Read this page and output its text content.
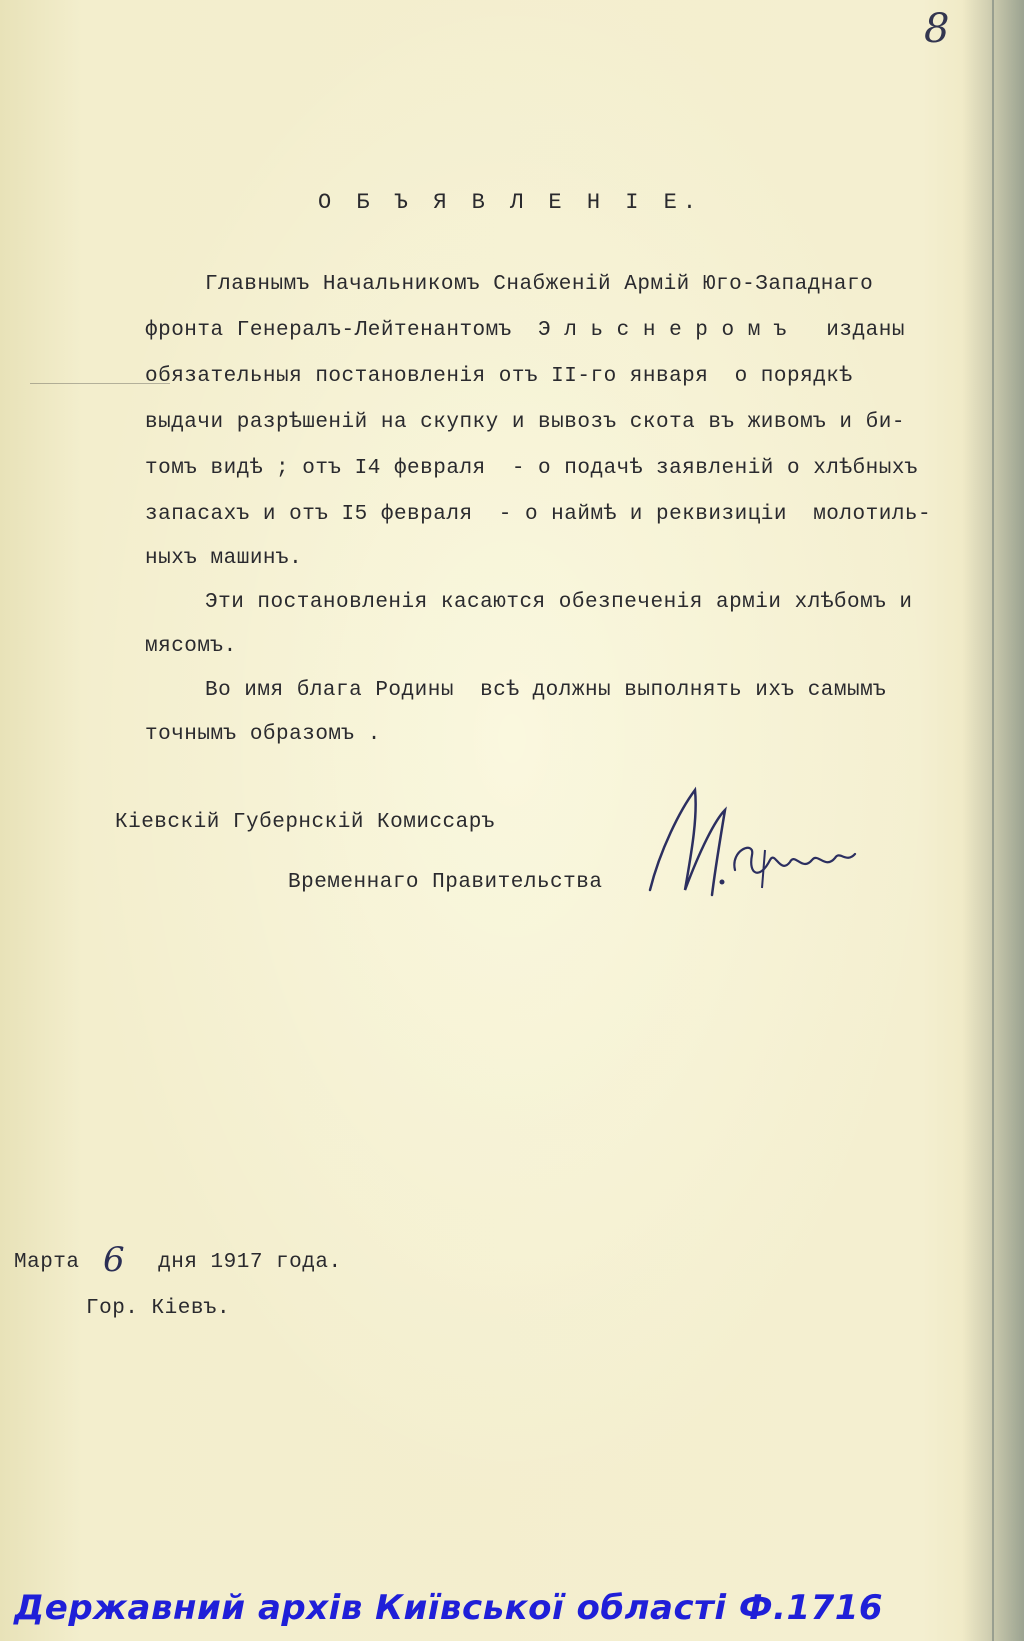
8
О Б Ъ Я В Л Е Н I Е.
Главнымъ Начальникомъ Снабженiй Армiй Юго-Западнаго
фронта Генералъ-Лейтенантомъ  Э л ь с н е р о м ъ   изданы
обязательныя постановленiя отъ II-го января  о порядкѣ
выдачи разрѣшенiй на скупку и вывозъ скота въ живомъ и би-
томъ видѣ ; отъ I4 февраля  - о подачѣ заявленiй о хлѣбныхъ
запасахъ и отъ I5 февраля  - о наймѣ и реквизицiи  молотиль-
ныхъ машинъ.
Эти постановленiя касаются обезпеченiя армiи хлѣбомъ и
мясомъ.
Во имя блага Родины  всѣ должны выполнять ихъ самымъ
точнымъ образомъ .
Кiевскiй Губернскiй Комиссаръ
Временнаго Правительства
Марта	дня 1917 года.
6
Гор. Кiевъ.
Державний архів Київської області Ф.1716
